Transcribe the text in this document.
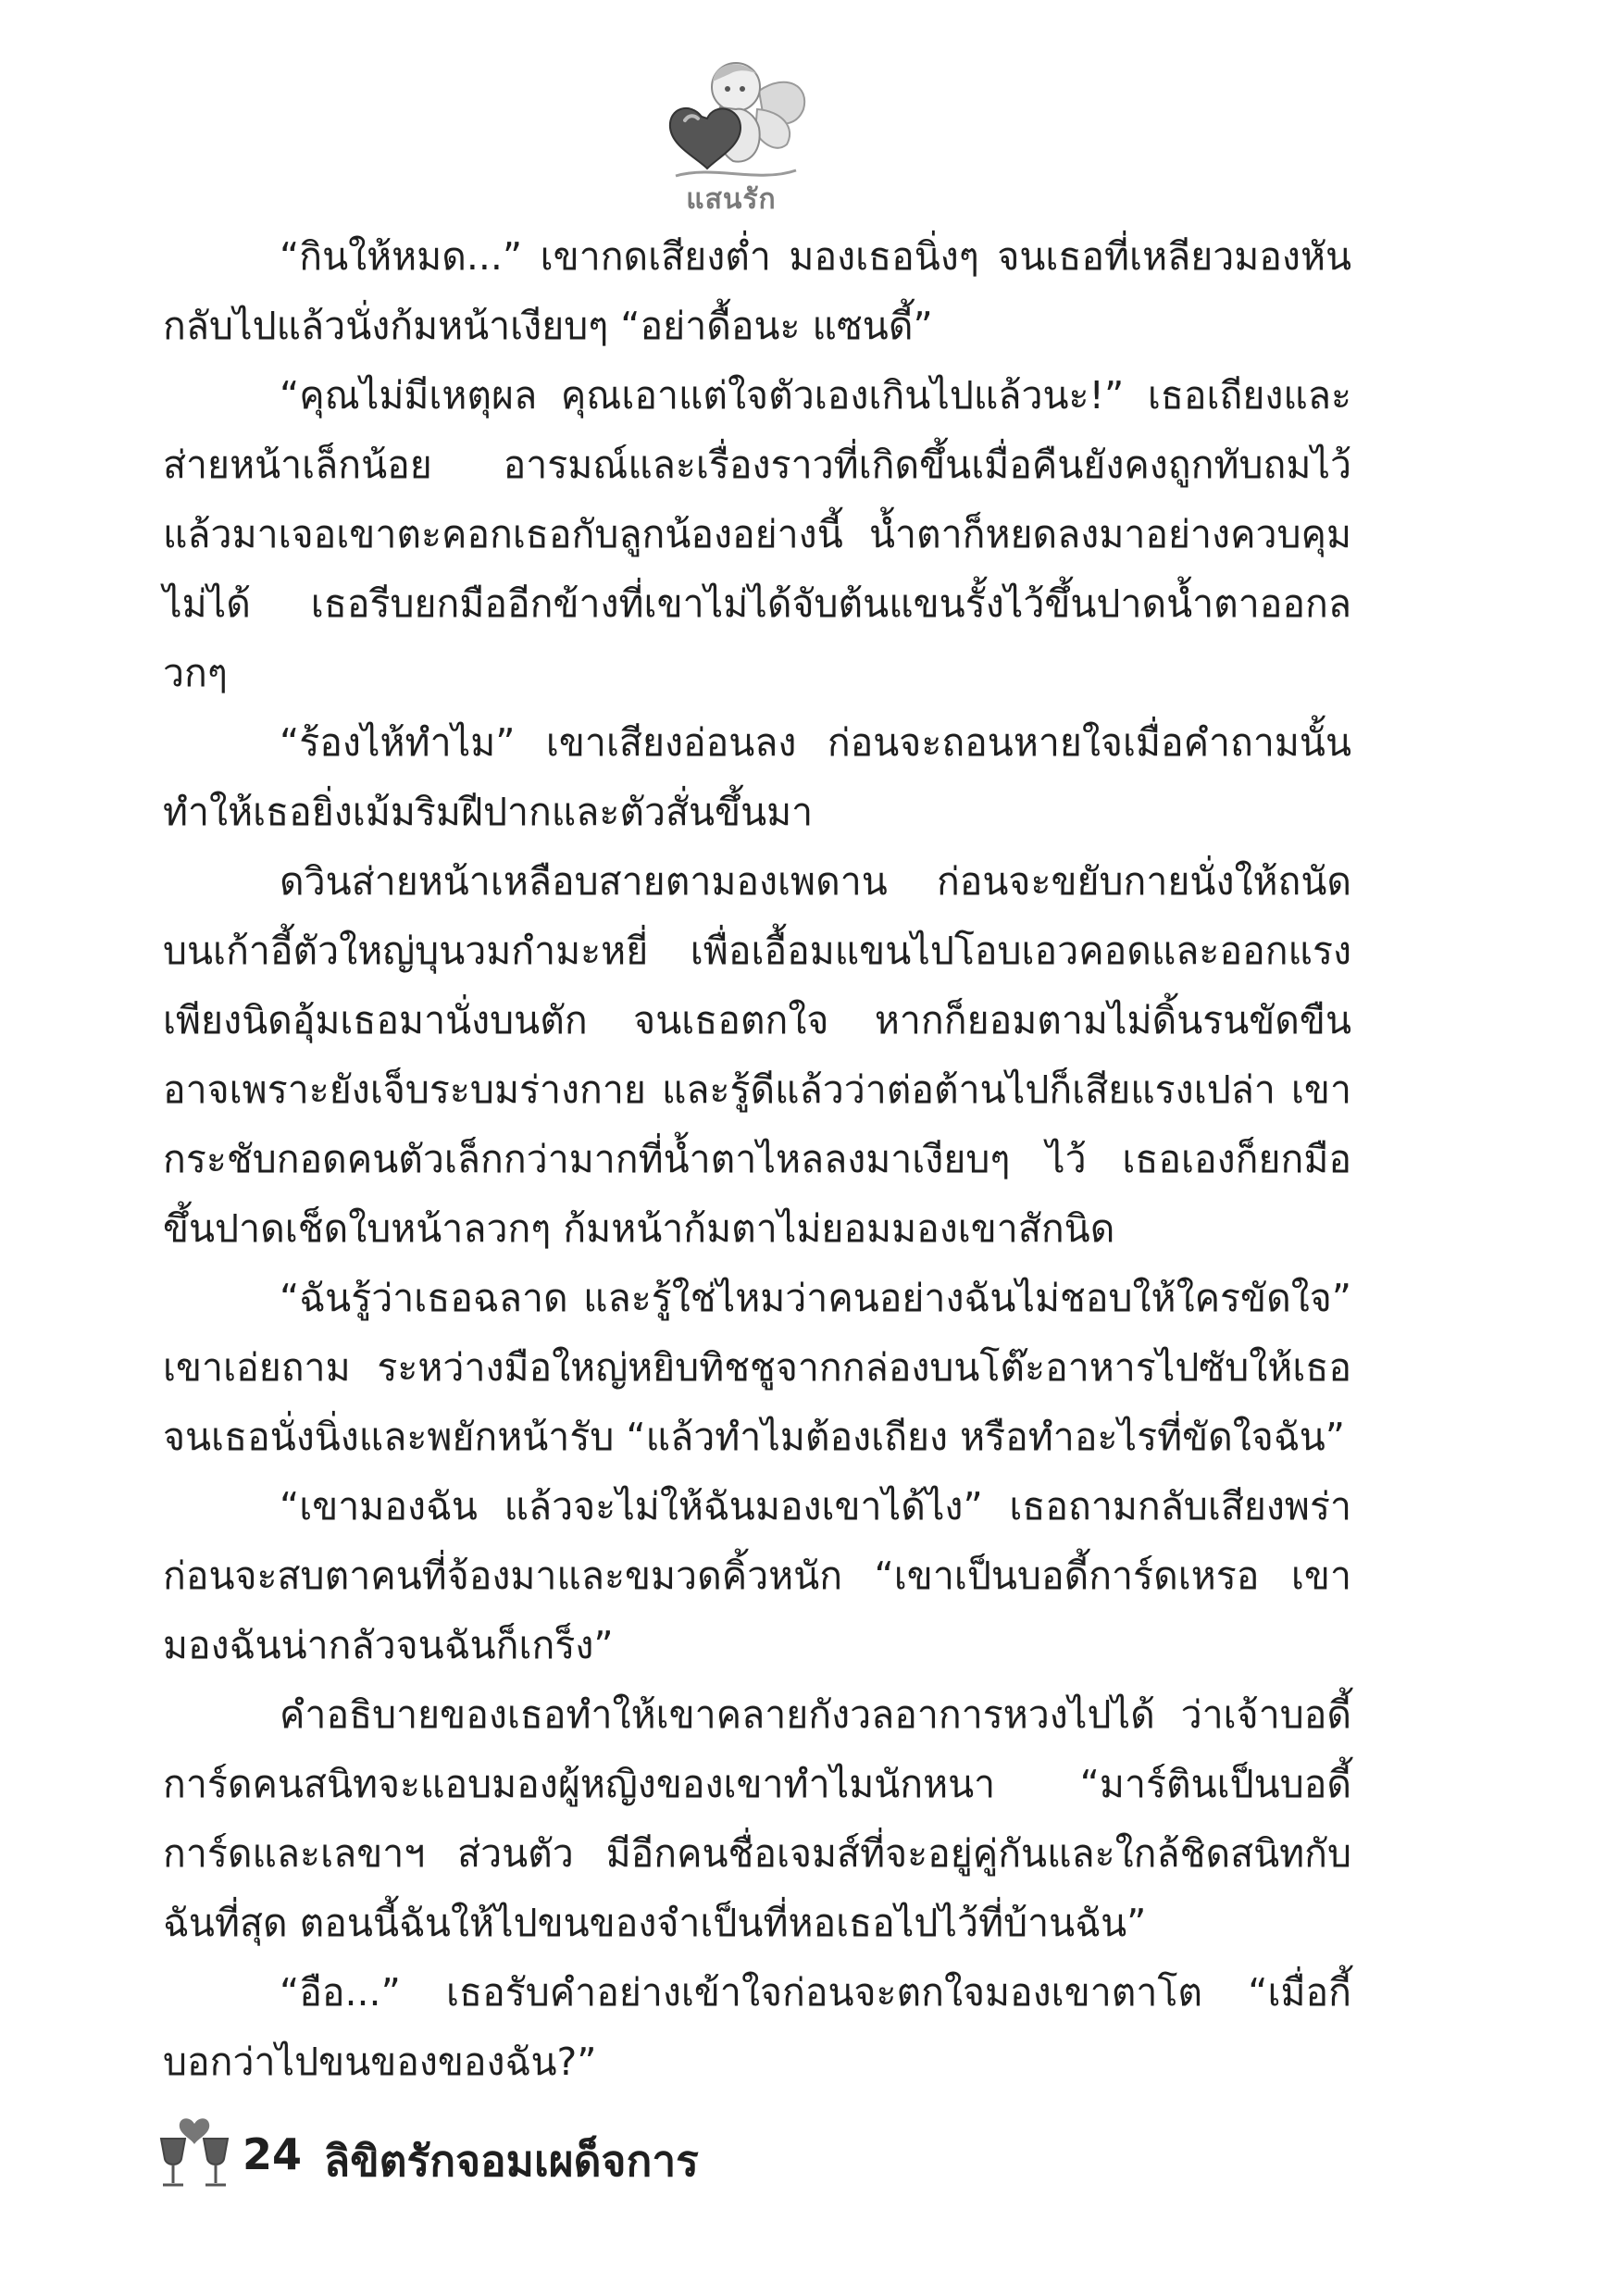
แสนรัก

“กินให้หมด...” เขากดเสียงต่ำ มองเธอนิ่งๆ จนเธอที่เหลียวมองหันกลับไปแล้วนั่งก้มหน้าเงียบๆ “อย่าดื้อนะ แซนดี้”

“คุณไม่มีเหตุผล คุณเอาแต่ใจตัวเองเกินไปแล้วนะ!” เธอเถียงและส่ายหน้าเล็กน้อย อารมณ์และเรื่องราวที่เกิดขึ้นเมื่อคืนยังคงถูกทับถมไว้แล้วมาเจอเขาตะคอกเธอกับลูกน้องอย่างนี้ น้ำตาก็หยดลงมาอย่างควบคุมไม่ได้ เธอรีบยกมืออีกข้างที่เขาไม่ได้จับต้นแขนรั้งไว้ขึ้นปาดน้ำตาออกลวกๆ

“ร้องไห้ทำไม” เขาเสียงอ่อนลง ก่อนจะถอนหายใจเมื่อคำถามนั้นทำให้เธอยิ่งเม้มริมฝีปากและตัวสั่นขึ้นมา

ดวินส่ายหน้าเหลือบสายตามองเพดาน ก่อนจะขยับกายนั่งให้ถนัดบนเก้าอี้ตัวใหญ่บุนวมกำมะหยี่ เพื่อเอื้อมแขนไปโอบเอวคอดและออกแรงเพียงนิดอุ้มเธอมานั่งบนตัก จนเธอตกใจ หากก็ยอมตามไม่ดิ้นรนขัดขืน อาจเพราะยังเจ็บระบมร่างกาย และรู้ดีแล้วว่าต่อต้านไปก็เสียแรงเปล่า เขากระชับกอดคนตัวเล็กกว่ามากที่น้ำตาไหลลงมาเงียบๆ ไว้ เธอเองก็ยกมือขึ้นปาดเช็ดใบหน้าลวกๆ ก้มหน้าก้มตาไม่ยอมมองเขาสักนิด

“ฉันรู้ว่าเธอฉลาด และรู้ใช่ไหมว่าคนอย่างฉันไม่ชอบให้ใครขัดใจ” เขาเอ่ยถาม ระหว่างมือใหญ่หยิบทิชชูจากกล่องบนโต๊ะอาหารไปซับให้เธอ จนเธอนั่งนิ่งและพยักหน้ารับ “แล้วทำไมต้องเถียง หรือทำอะไรที่ขัดใจฉัน”

“เขามองฉัน แล้วจะไม่ให้ฉันมองเขาได้ไง” เธอถามกลับเสียงพร่า ก่อนจะสบตาคนที่จ้องมาและขมวดคิ้วหนัก “เขาเป็นบอดี้การ์ดเหรอ เขามองฉันน่ากลัวจนฉันก็เกร็ง”

คำอธิบายของเธอทำให้เขาคลายกังวลอาการหวงไปได้ ว่าเจ้าบอดี้การ์ดคนสนิทจะแอบมองผู้หญิงของเขาทำไมนักหนา “มาร์ตินเป็นบอดี้การ์ดและเลขาฯ ส่วนตัว มีอีกคนชื่อเจมส์ที่จะอยู่คู่กันและใกล้ชิดสนิทกับฉันที่สุด ตอนนี้ฉันให้ไปขนของจำเป็นที่หอเธอไปไว้ที่บ้านฉัน”

“อือ...” เธอรับคำอย่างเข้าใจก่อนจะตกใจมองเขาตาโต “เมื่อกี้บอกว่าไปขนของของฉัน?”

24 ลิขิตรักจอมเผด็จการ
